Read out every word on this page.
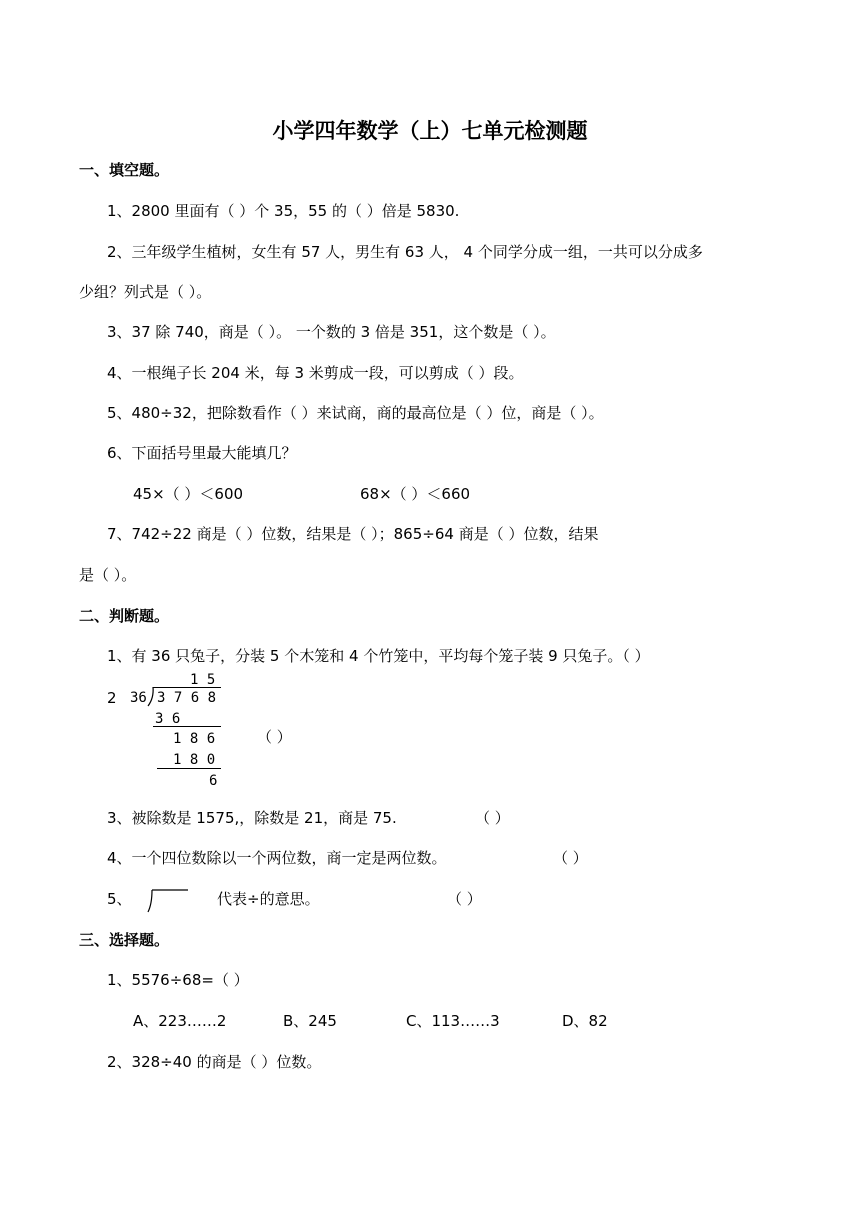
小学四年数学（上）七单元检测题
一、填空题。
1、2800 里面有（ ）个 35，55 的（ ）倍是 5830.
2、三年级学生植树，女生有 57 人，男生有 63 人， 4 个同学分成一组，一共可以分成多
少组？列式是（ ）。
3、37 除 740，商是（ ）。 一个数的 3 倍是 351，这个数是（ ）。
4、一根绳子长 204 米，每 3 米剪成一段，可以剪成（ ）段。
5、480÷32，把除数看作（ ）来试商，商的最高位是（ ）位，商是（ ）。
6、下面括号里最大能填几？
45×（ ）＜600	68×（ ）＜660
7、742÷22 商是（ ）位数，结果是（ ）；865÷64 商是（ ）位数，结果
是（ ）。
二、判断题。
1、有 36 只兔子，分装 5 个木笼和 4 个竹笼中，平均每个笼子装 9 只兔子。（ ）
2
1 5
36 3 7 6 8
3 6
1 8 6
1 8 0
6
（ ）
3、被除数是 1575,，除数是 21，商是 75.	（ ）
4、一个四位数除以一个两位数，商一定是两位数。	（ ）
5、	代表÷的意思。	（ ）
三、选择题。
1、5576÷68=（ ）
A、223……2	B、245	C、113……3	D、82
2、328÷40 的商是（ ）位数。
